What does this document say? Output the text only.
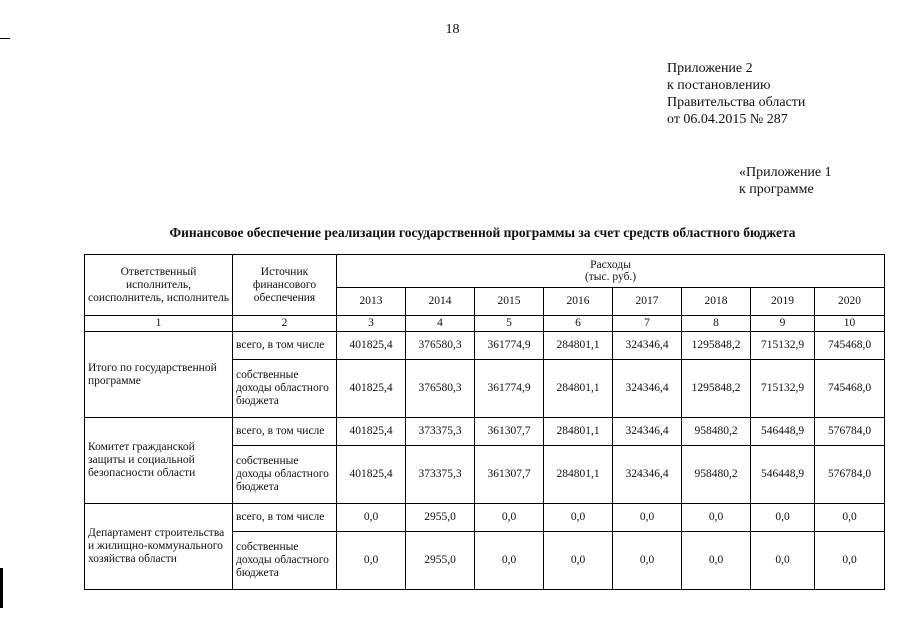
18
Приложение 2
к постановлению
Правительства области
от 06.04.2015 № 287
«Приложение 1
к программе
Финансовое обеспечение реализации государственной программы за счет средств областного бюджета
Ответственный исполнитель, соисполнитель, исполнитель	Источник финансового обеспечения	Расходы
(тыс. руб.)							

		2013	2014	2015	2016	2017	2018	2019	2020
1	2	3	4	5	6	7	8	9	10
Итого по государственной программе	всего, в том числе	401825,4	376580,3	361774,9	284801,1	324346,4	1295848,2	715132,9	745468,0
	собственные доходы областного бюджета	401825,4	376580,3	361774,9	284801,1	324346,4	1295848,2	715132,9	745468,0
Комитет гражданской защиты и социальной безопасности области	всего, в том числе	401825,4	373375,3	361307,7	284801,1	324346,4	958480,2	546448,9	576784,0
	собственные доходы областного бюджета	401825,4	373375,3	361307,7	284801,1	324346,4	958480,2	546448,9	576784,0
Департамент строительства и жилищно-коммунального хозяйства области	всего, в том числе	0,0	2955,0	0,0	0,0	0,0	0,0	0,0	0,0
	собственные доходы областного бюджета	0,0	2955,0	0,0	0,0	0,0	0,0	0,0	0,0
